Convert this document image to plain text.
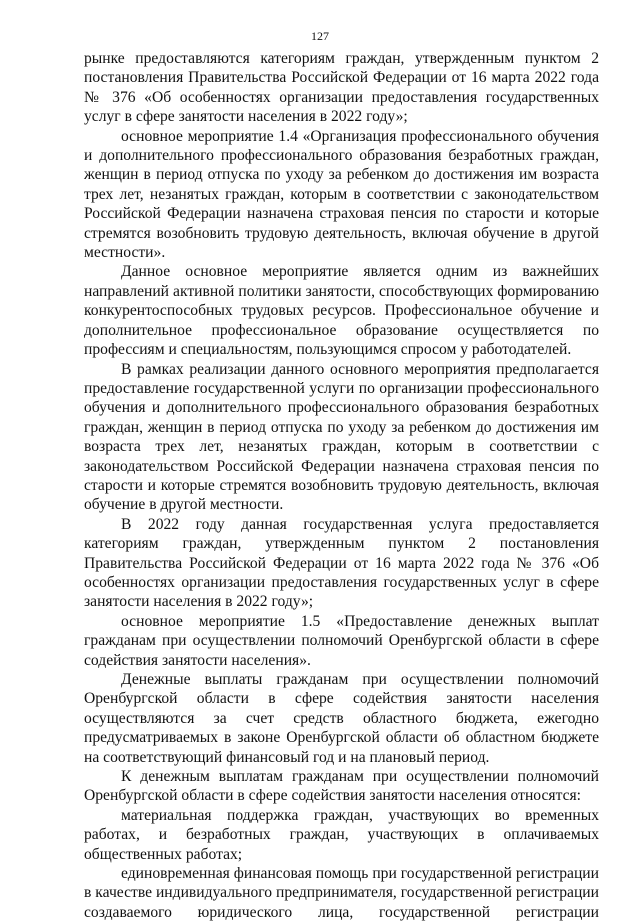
127

рынке предоставляются категориям граждан, утвержденным пунктом 2 постановления Правительства Российской Федерации от 16 марта 2022 года № 376 «Об особенностях организации предоставления государственных услуг в сфере занятости населения в 2022 году»;

основное мероприятие 1.4 «Организация профессионального обучения и дополнительного профессионального образования безработных граждан, женщин в период отпуска по уходу за ребенком до достижения им возраста трех лет, незанятых граждан, которым в соответствии с законодательством Российской Федерации назначена страховая пенсия по старости и которые стремятся возобновить трудовую деятельность, включая обучение в другой местности».

Данное основное мероприятие является одним из важнейших направлений активной политики занятости, способствующих формированию конкурентоспособных трудовых ресурсов. Профессиональное обучение и дополнительное профессиональное образование осуществляется по профессиям и специальностям, пользующимся спросом у работодателей.

В рамках реализации данного основного мероприятия предполагается предоставление государственной услуги по организации профессионального обучения и дополнительного профессионального образования безработных граждан, женщин в период отпуска по уходу за ребенком до достижения им возраста трех лет, незанятых граждан, которым в соответствии с законодательством Российской Федерации назначена страховая пенсия по старости и которые стремятся возобновить трудовую деятельность, включая обучение в другой местности.

В 2022 году данная государственная услуга предоставляется категориям граждан, утвержденным пунктом 2 постановления Правительства Российской Федерации от 16 марта 2022 года № 376 «Об особенностях организации предоставления государственных услуг в сфере занятости населения в 2022 году»;

основное мероприятие 1.5 «Предоставление денежных выплат гражданам при осуществлении полномочий Оренбургской области в сфере содействия занятости населения».

Денежные выплаты гражданам при осуществлении полномочий Оренбургской области в сфере содействия занятости населения осуществляются за счет средств областного бюджета, ежегодно предусматриваемых в законе Оренбургской области об областном бюджете на соответствующий финансовый год и на плановый период.

К денежным выплатам гражданам при осуществлении полномочий Оренбургской области в сфере содействия занятости населения относятся:

материальная поддержка граждан, участвующих во временных работах, и безработных граждан, участвующих в оплачиваемых общественных работах;

единовременная финансовая помощь при государственной регистрации в качестве индивидуального предпринимателя, государственной регистрации создаваемого юридического лица, государственной регистрации
